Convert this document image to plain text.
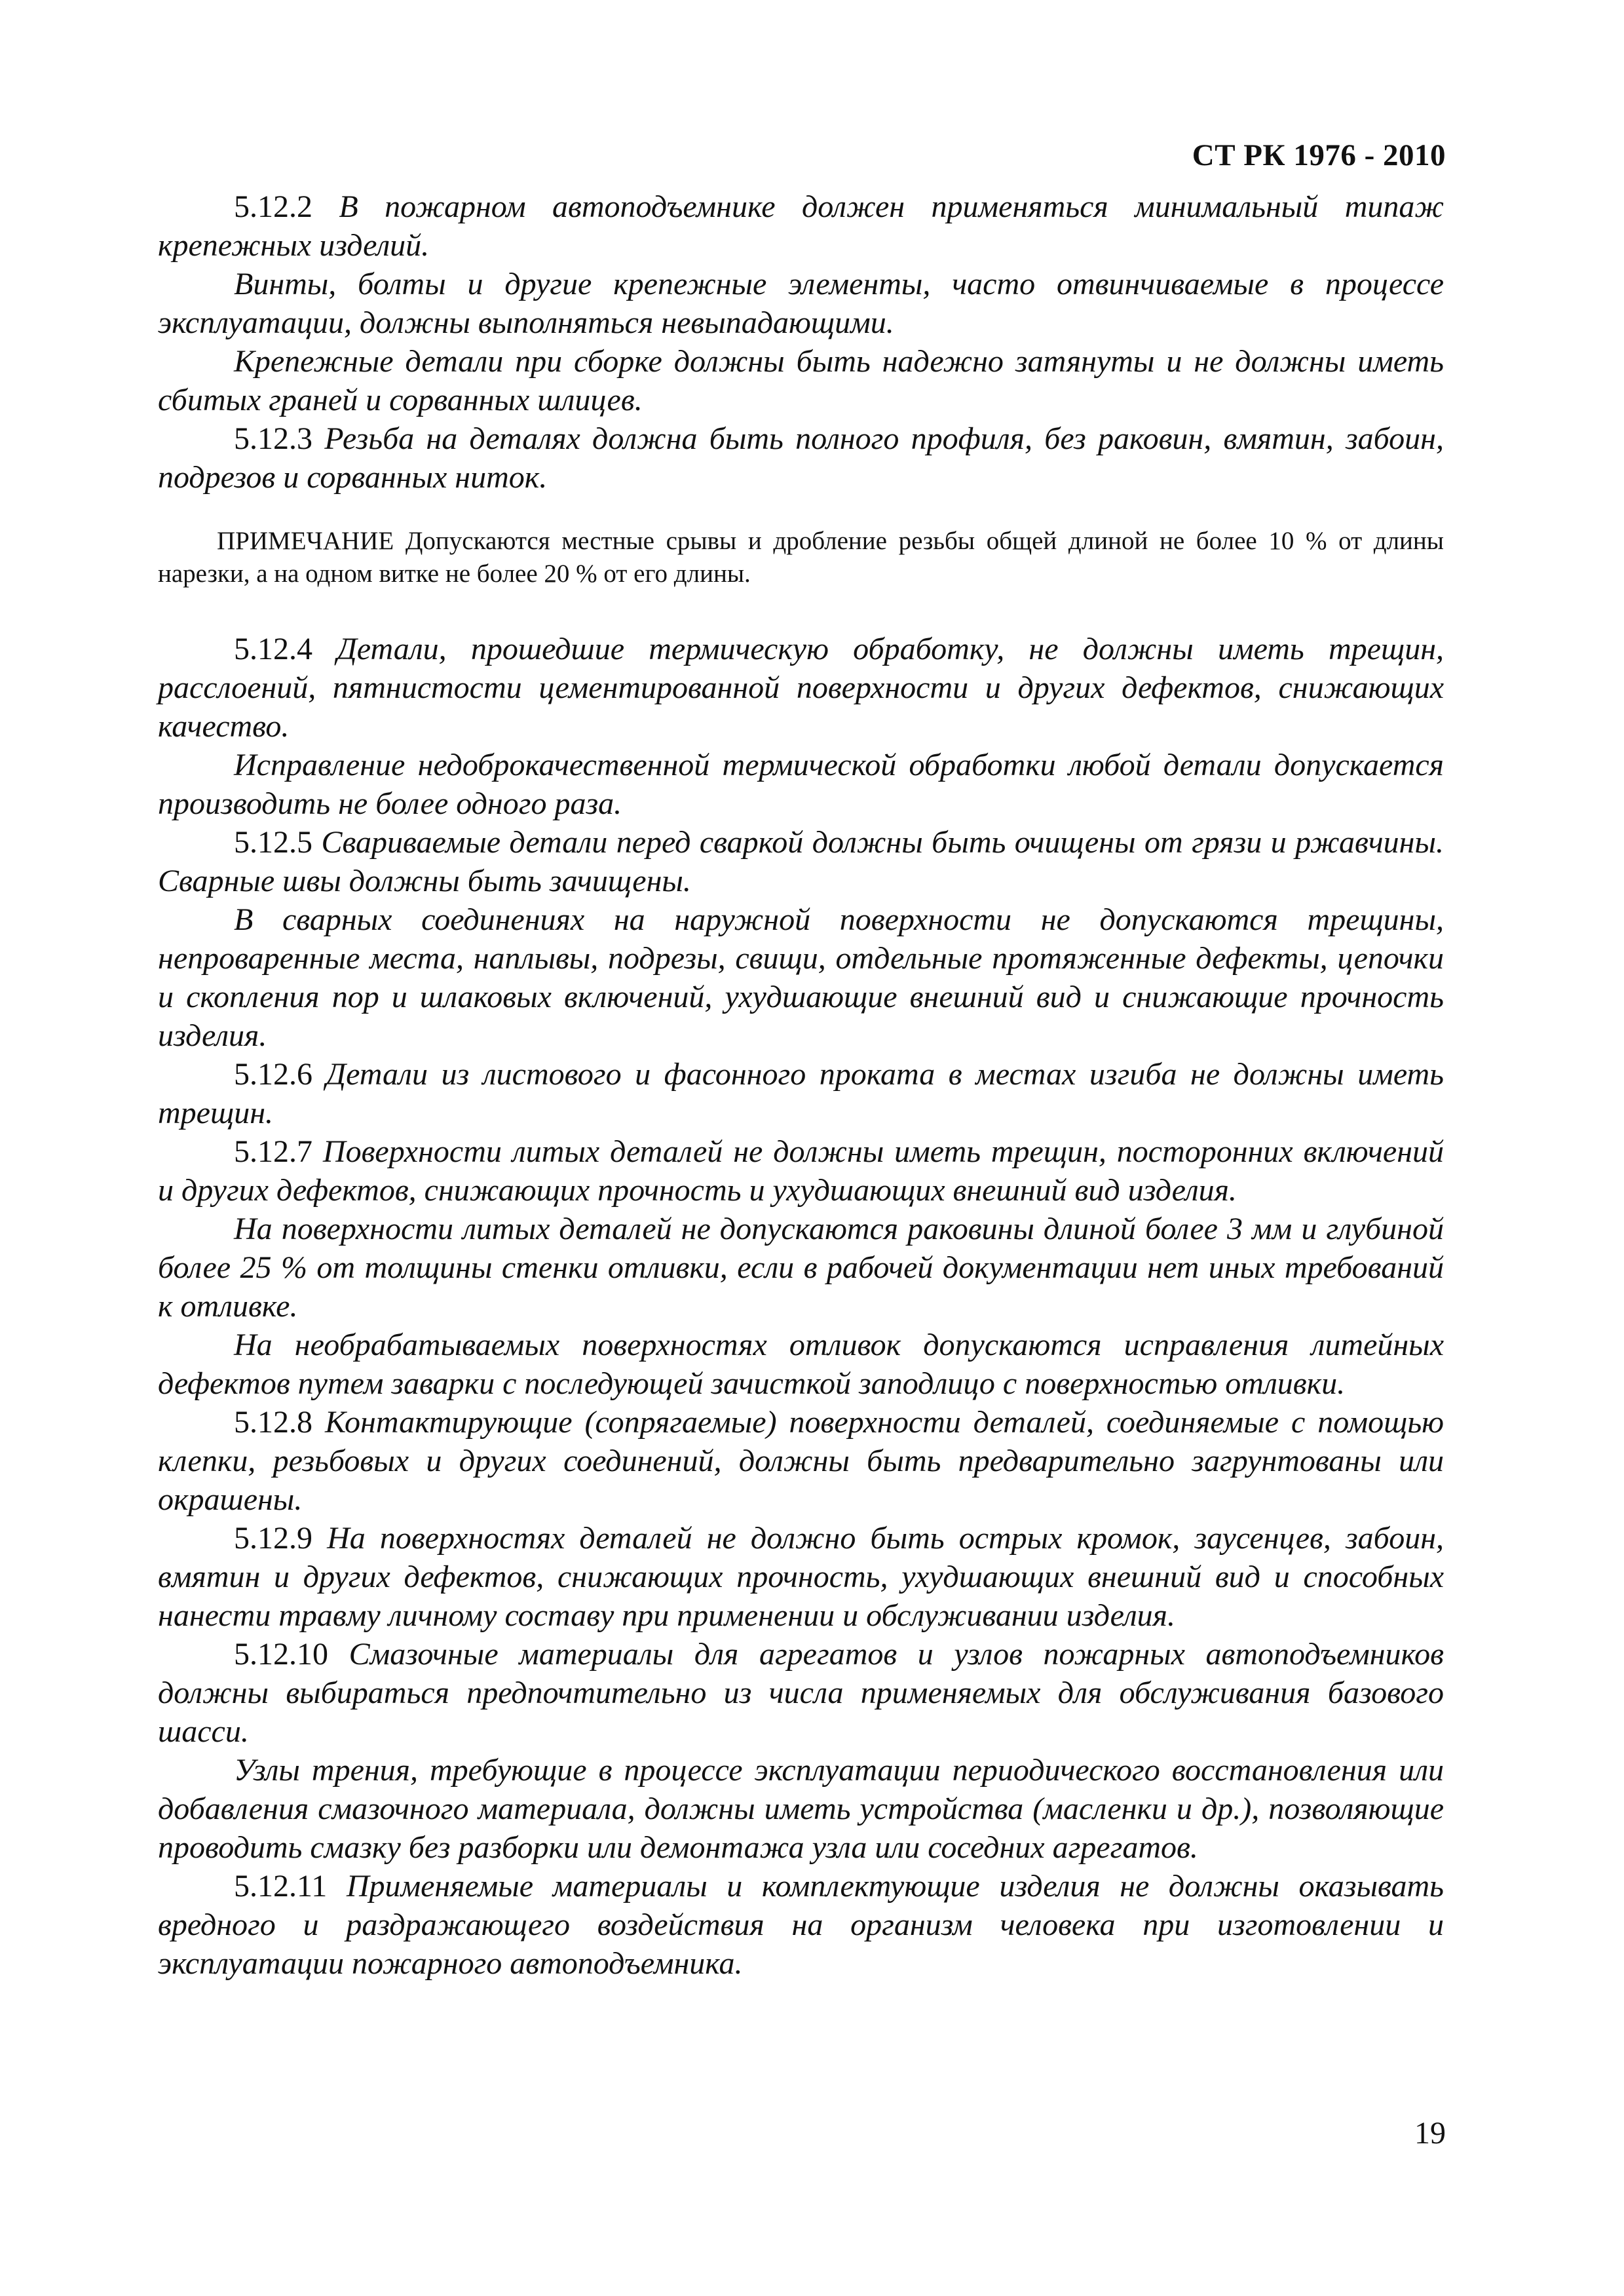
СТ РК 1976 - 2010

5.12.2 В пожарном автоподъемнике должен применяться минимальный типаж крепежных изделий.

Винты, болты и другие крепежные элементы, часто отвинчиваемые в процессе эксплуатации, должны выполняться невыпадающими.

Крепежные детали при сборке должны быть надежно затянуты и не должны иметь сбитых граней и сорванных шлицев.

5.12.3 Резьба на деталях должна быть полного профиля, без раковин, вмятин, забоин, подрезов и сорванных ниток.

ПРИМЕЧАНИЕ Допускаются местные срывы и дробление резьбы общей длиной не более 10 % от длины нарезки, а на одном витке не более 20 % от его длины.

5.12.4 Детали, прошедшие термическую обработку, не должны иметь трещин, расслоений, пятнистости цементированной поверхности и других дефектов, снижающих качество.

Исправление недоброкачественной термической обработки любой детали допускается производить не более одного раза.

5.12.5 Свариваемые детали перед сваркой должны быть очищены от грязи и ржавчины. Сварные швы должны быть зачищены.

В сварных соединениях на наружной поверхности не допускаются трещины, непроваренные места, наплывы, подрезы, свищи, отдельные протяженные дефекты, цепочки и скопления пор и шлаковых включений, ухудшающие внешний вид и снижающие прочность изделия.

5.12.6 Детали из листового и фасонного проката в местах изгиба не должны иметь трещин.

5.12.7 Поверхности литых деталей не должны иметь трещин, посторонних включений и других дефектов, снижающих прочность и ухудшающих внешний вид изделия.

На поверхности литых деталей не допускаются раковины длиной более 3 мм и глубиной более 25 % от толщины стенки отливки, если в рабочей документации нет иных требований к отливке.

На необрабатываемых поверхностях отливок допускаются исправления литейных дефектов путем заварки с последующей зачисткой заподлицо с поверхностью отливки.

5.12.8 Контактирующие (сопрягаемые) поверхности деталей, соединяемые с помощью клепки, резьбовых и других соединений, должны быть предварительно загрунтованы или окрашены.

5.12.9 На поверхностях деталей не должно быть острых кромок, заусенцев, забоин, вмятин и других дефектов, снижающих прочность, ухудшающих внешний вид и способных нанести травму личному составу при применении и обслуживании изделия.

5.12.10 Смазочные материалы для агрегатов и узлов пожарных автоподъемников должны выбираться предпочтительно из числа применяемых для обслуживания базового шасси.

Узлы трения, требующие в процессе эксплуатации периодического восстановления или добавления смазочного материала, должны иметь устройства (масленки и др.), позволяющие проводить смазку без разборки или демонтажа узла или соседних агрегатов.

5.12.11 Применяемые материалы и комплектующие изделия не должны оказывать вредного и раздражающего воздействия на организм человека при изготовлении и эксплуатации пожарного автоподъемника.

19
